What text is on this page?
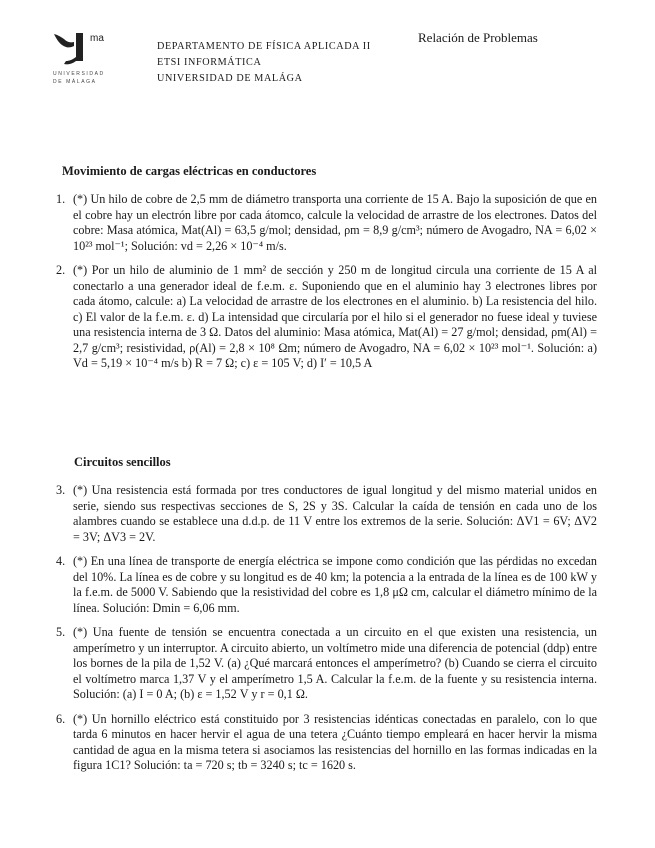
ma
UNIVERSIDAD
DE MÁLAGA
DEPARTAMENTO DE FÍSICA APLICADA II
ETSI INFORMÁTICA
UNIVERSIDAD DE MALÁGA
Relación de Problemas
Movimiento de cargas eléctricas en conductores
1. (*) Un hilo de cobre de 2,5 mm de diámetro transporta una corriente de 15 A. Bajo la suposición de que en el cobre hay un electrón libre por cada átomco, calcule la velocidad de arrastre de los electrones. Datos del cobre: Masa atómica, Mat(Al) = 63,5 g/mol; densidad, ρm = 8,9 g/cm³; número de Avogadro, NA = 6,02 × 10²³ mol⁻¹; Solución: vd = 2,26 × 10⁻⁴ m/s.
2. (*) Por un hilo de aluminio de 1 mm² de sección y 250 m de longitud circula una corriente de 15 A al conectarlo a una generador ideal de f.e.m. ε. Suponiendo que en el aluminio hay 3 electrones libres por cada átomo, calcule: a) La velocidad de arrastre de los electrones en el aluminio. b) La resistencia del hilo. c) El valor de la f.e.m. ε. d) La intensidad que circularía por el hilo si el generador no fuese ideal y tuviese una resistencia interna de 3 Ω. Datos del aluminio: Masa atómica, Mat(Al) = 27 g/mol; densidad, ρm(Al) = 2,7 g/cm³; resistividad, ρ(Al) = 2,8 × 10⁸ Ωm; número de Avogadro, NA = 6,02 × 10²³ mol⁻¹. Solución: a) Vd = 5,19 × 10⁻⁴ m/s b) R = 7 Ω; c) ε = 105 V; d) I′ = 10,5 A
Circuitos sencillos
3. (*) Una resistencia está formada por tres conductores de igual longitud y del mismo material unidos en serie, siendo sus respectivas secciones de S, 2S y 3S. Calcular la caída de tensión en cada uno de los alambres cuando se establece una d.d.p. de 11 V entre los extremos de la serie. Solución: ΔV1 = 6V; ΔV2 = 3V; ΔV3 = 2V.
4. (*) En una línea de transporte de energía eléctrica se impone como condición que las pérdidas no excedan del 10%. La línea es de cobre y su longitud es de 40 km; la potencia a la entrada de la línea es de 100 kW y la f.e.m. de 5000 V. Sabiendo que la resistividad del cobre es 1,8 μΩ cm, calcular el diámetro mínimo de la línea. Solución: Dmin = 6,06 mm.
5. (*) Una fuente de tensión se encuentra conectada a un circuito en el que existen una resistencia, un amperímetro y un interruptor. A circuito abierto, un voltímetro mide una diferencia de potencial (ddp) entre los bornes de la pila de 1,52 V. (a) ¿Qué marcará entonces el amperímetro? (b) Cuando se cierra el circuito el voltímetro marca 1,37 V y el amperímetro 1,5 A. Calcular la f.e.m. de la fuente y su resistencia interna. Solución: (a) I = 0 A; (b) ε = 1,52 V y r = 0,1 Ω.
6. (*) Un hornillo eléctrico está constituido por 3 resistencias idénticas conectadas en paralelo, con lo que tarda 6 minutos en hacer hervir el agua de una tetera ¿Cuánto tiempo empleará en hacer hervir la misma cantidad de agua en la misma tetera si asociamos las resistencias del hornillo en las formas indicadas en la figura 1C1? Solución: ta = 720 s; tb = 3240 s; tc = 1620 s.
